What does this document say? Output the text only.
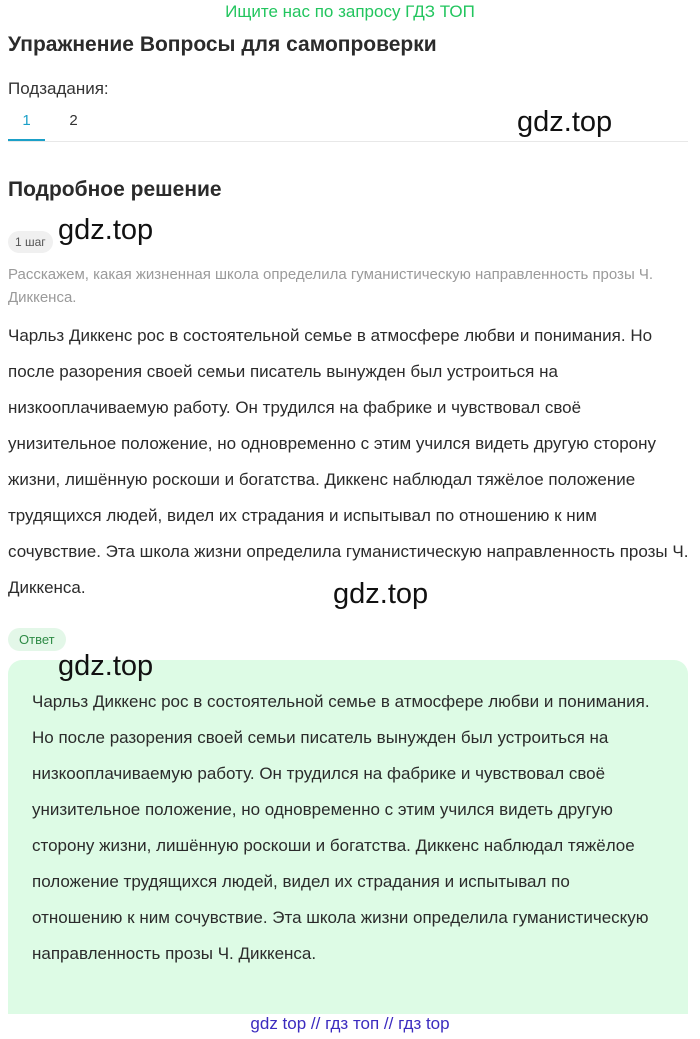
Ищите нас по запросу ГДЗ ТОП
Упражнение Вопросы для самопроверки
Подзадания:
1	2	gdz.top
Подробное решение
1 шаг gdz.top
Расскажем, какая жизненная школа определила гуманистическую направленность прозы Ч. Диккенса.
Чарльз Диккенс рос в состоятельной семье в атмосфере любви и понимания. Но после разорения своей семьи писатель вынужден был устроиться на низкооплачиваемую работу. Он трудился на фабрике и чувствовал своё унизительное положение, но одновременно с этим учился видеть другую сторону жизни, лишённую роскоши и богатства. Диккенс наблюдал тяжёлое положение трудящихся людей, видел их страдания и испытывал по отношению к ним сочувствие. Эта школа жизни определила гуманистическую направленность прозы Ч. Диккенса.	gdz.top
Ответ
Чарльз Диккенс рос в состоятельной семье в атмосфере любви и понимания. Но после разорения своей семьи писатель вынужден был устроиться на низкооплачиваемую работу. Он трудился на фабрике и чувствовал своё унизительное положение, но одновременно с этим учился видеть другую сторону жизни, лишённую роскоши и богатства. Диккенс наблюдал тяжёлое положение трудящихся людей, видел их страдания и испытывал по отношению к ним сочувствие. Эта школа жизни определила гуманистическую направленность прозы Ч. Диккенса.
gdz.top
gdz top // гдз топ // гдз top
